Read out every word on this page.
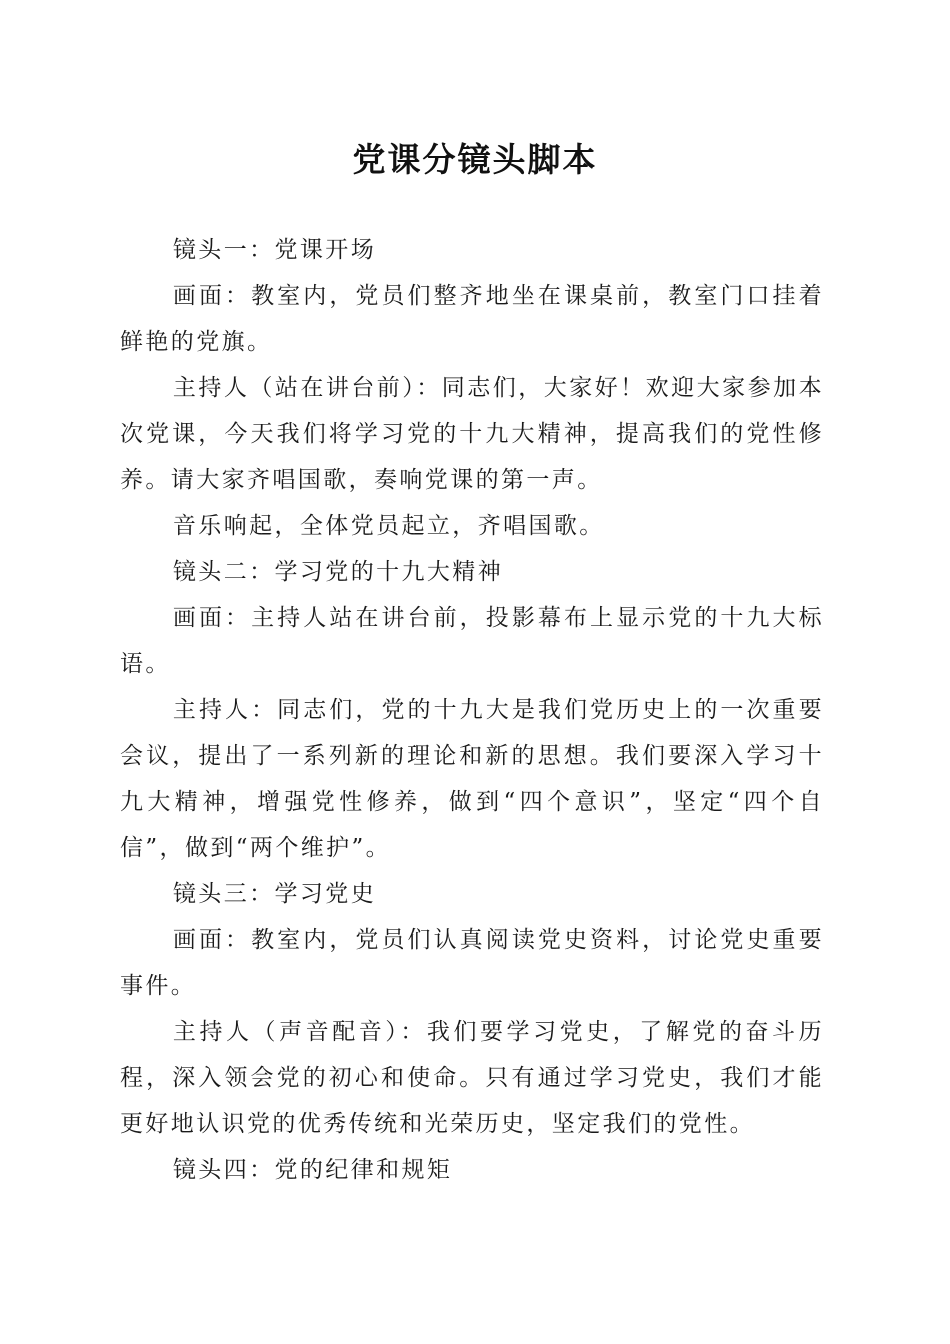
党课分镜头脚本

镜头一：党课开场

画面：教室内，党员们整齐地坐在课桌前，教室门口挂着鲜艳的党旗。

主持人（站在讲台前）：同志们，大家好！欢迎大家参加本次党课，今天我们将学习党的十九大精神，提高我们的党性修养。请大家齐唱国歌，奏响党课的第一声。

音乐响起，全体党员起立，齐唱国歌。

镜头二：学习党的十九大精神

画面：主持人站在讲台前，投影幕布上显示党的十九大标语。

主持人：同志们，党的十九大是我们党历史上的一次重要会议，提出了一系列新的理论和新的思想。我们要深入学习十九大精神，增强党性修养，做到“四个意识”，坚定“四个自信”，做到“两个维护”。

镜头三：学习党史

画面：教室内，党员们认真阅读党史资料，讨论党史重要事件。

主持人（声音配音）：我们要学习党史，了解党的奋斗历程，深入领会党的初心和使命。只有通过学习党史，我们才能更好地认识党的优秀传统和光荣历史，坚定我们的党性。

镜头四：党的纪律和规矩
